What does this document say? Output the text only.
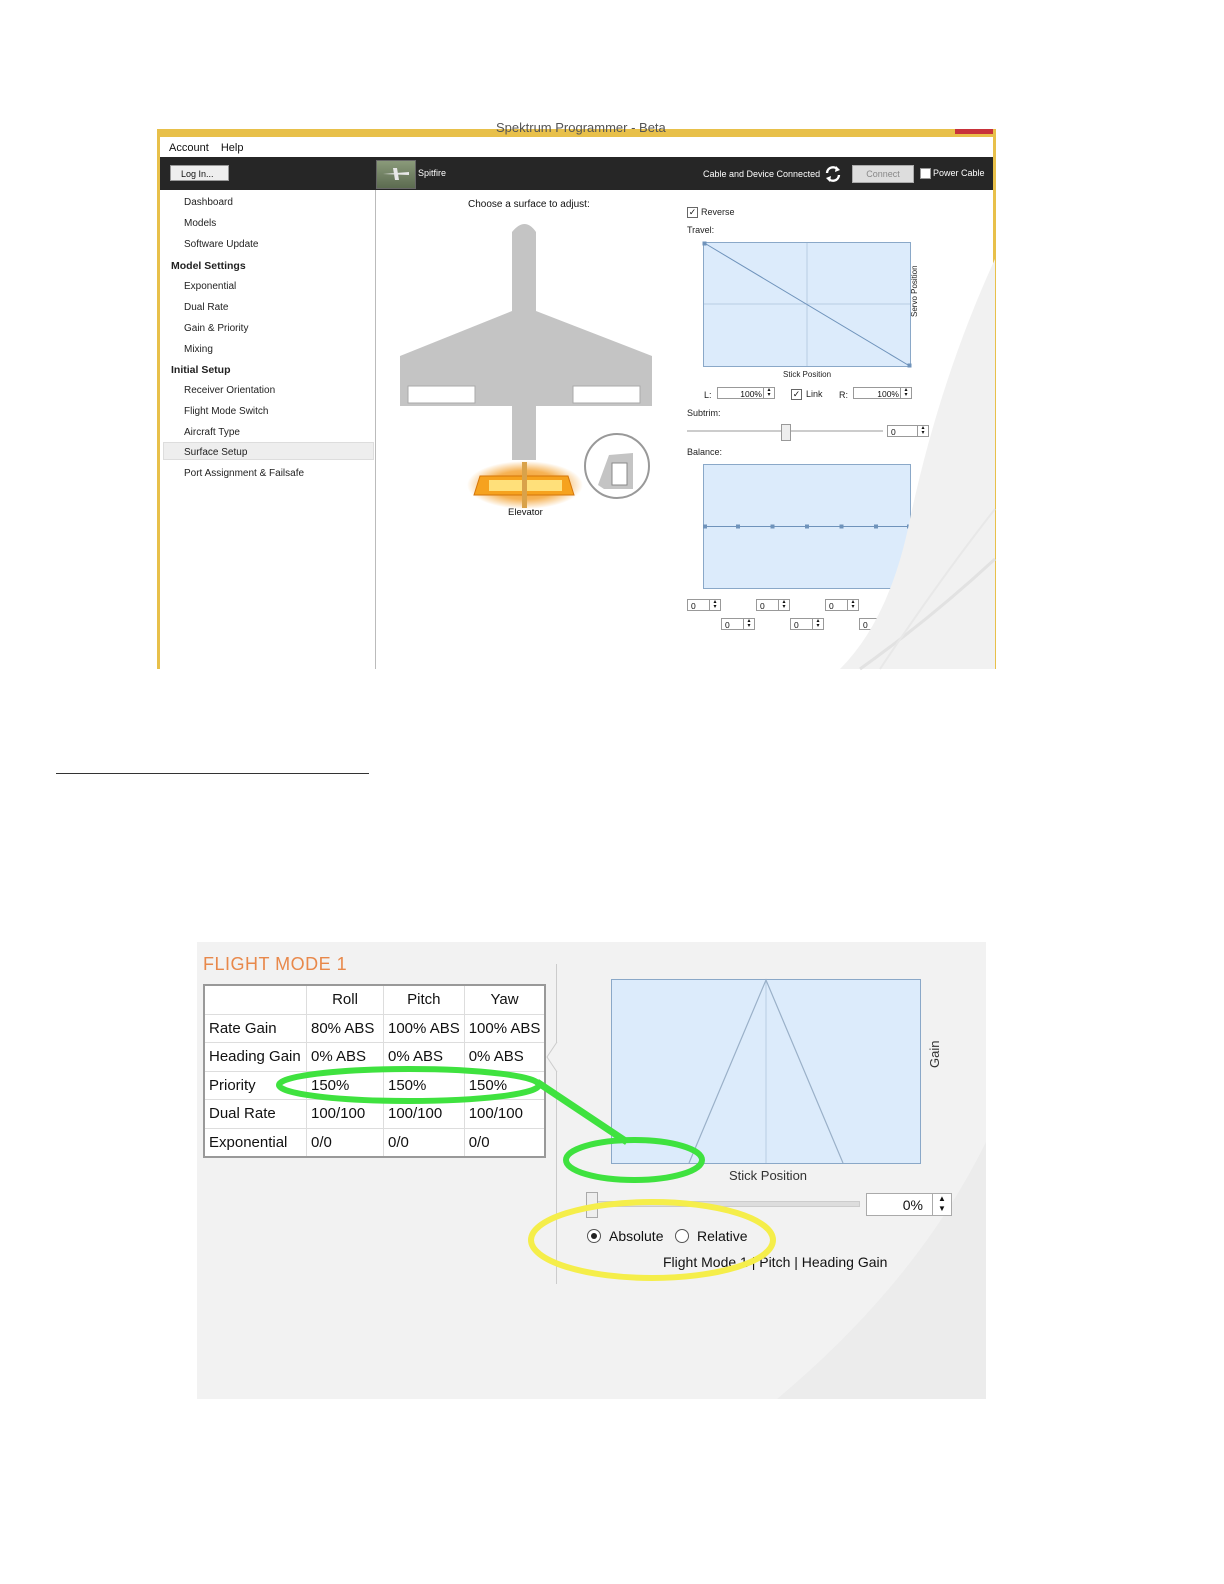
Spektrum Programmer - Beta
Account Help
Log In...	Spitfire	Cable and Device Connected	Connect	Power Cable
Dashboard
Models
Software Update
Model Settings
Exponential
Dual Rate
Gain & Priority
Mixing
Initial Setup
Receiver Orientation
Flight Mode Switch
Aircraft Type
Surface Setup
Port Assignment & Failsafe
Choose a surface to adjust:
Elevator
✓ Reverse
Travel:
Servo Position
Stick Position
L:	100% ▴ ▾	✓ Link R:	100% ▴ ▾
Subtrim:
0 ▴ ▾
Balance:
0 ▴ ▾	0 ▴ ▾	0 ▴ ▾
▴ ▾
0 ▴ ▾	0 ▴ ▾	0 ▴ ▾
FLIGHT MODE 1
	Roll	Pitch	Yaw
Rate Gain	80% ABS	100% ABS	100% ABS
Heading Gain	0% ABS	0% ABS	0% ABS
Priority	150%	150%	150%
Dual Rate	100/100	100/100	100/100
Exponential	0/0	0/0	0/0
Stick Position
Gain
0%	▲
▼
Absolute Relative
Flight Mode 1 | Pitch | Heading Gain
